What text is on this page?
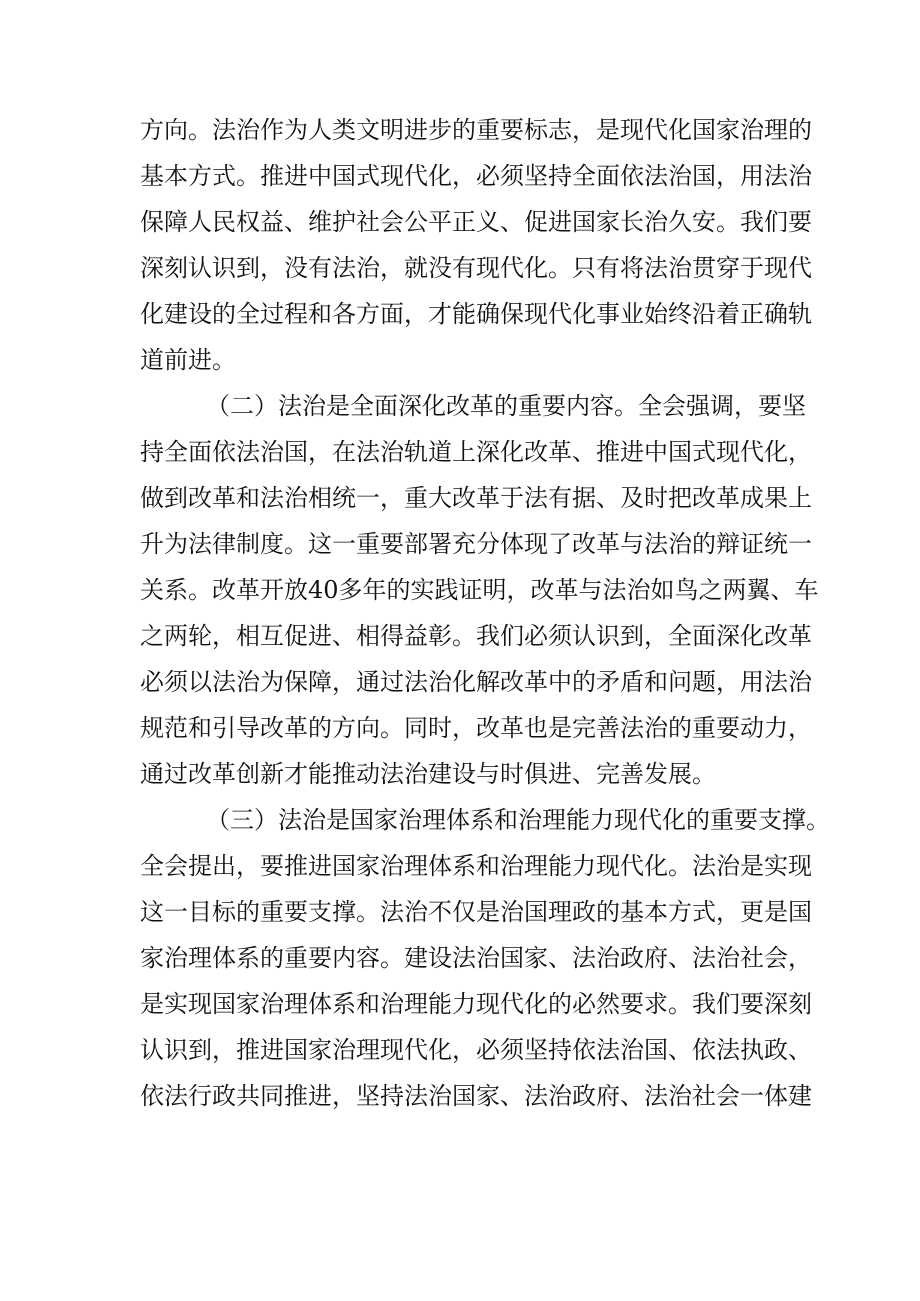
方向。法治作为人类文明进步的重要标志，是现代化国家治理的
基本方式。推进中国式现代化，必须坚持全面依法治国，用法治
保障人民权益、维护社会公平正义、促进国家长治久安。我们要
深刻认识到，没有法治，就没有现代化。只有将法治贯穿于现代
化建设的全过程和各方面，才能确保现代化事业始终沿着正确轨
道前进。
（二）法治是全面深化改革的重要内容。全会强调，要坚
持全面依法治国，在法治轨道上深化改革、推进中国式现代化，
做到改革和法治相统一，重大改革于法有据、及时把改革成果上
升为法律制度。这一重要部署充分体现了改革与法治的辩证统一
关系。改革开放40多年的实践证明，改革与法治如鸟之两翼、车
之两轮，相互促进、相得益彰。我们必须认识到，全面深化改革
必须以法治为保障，通过法治化解改革中的矛盾和问题，用法治
规范和引导改革的方向。同时，改革也是完善法治的重要动力，
通过改革创新才能推动法治建设与时俱进、完善发展。
（三）法治是国家治理体系和治理能力现代化的重要支撑。
全会提出，要推进国家治理体系和治理能力现代化。法治是实现
这一目标的重要支撑。法治不仅是治国理政的基本方式，更是国
家治理体系的重要内容。建设法治国家、法治政府、法治社会，
是实现国家治理体系和治理能力现代化的必然要求。我们要深刻
认识到，推进国家治理现代化，必须坚持依法治国、依法执政、
依法行政共同推进，坚持法治国家、法治政府、法治社会一体建
